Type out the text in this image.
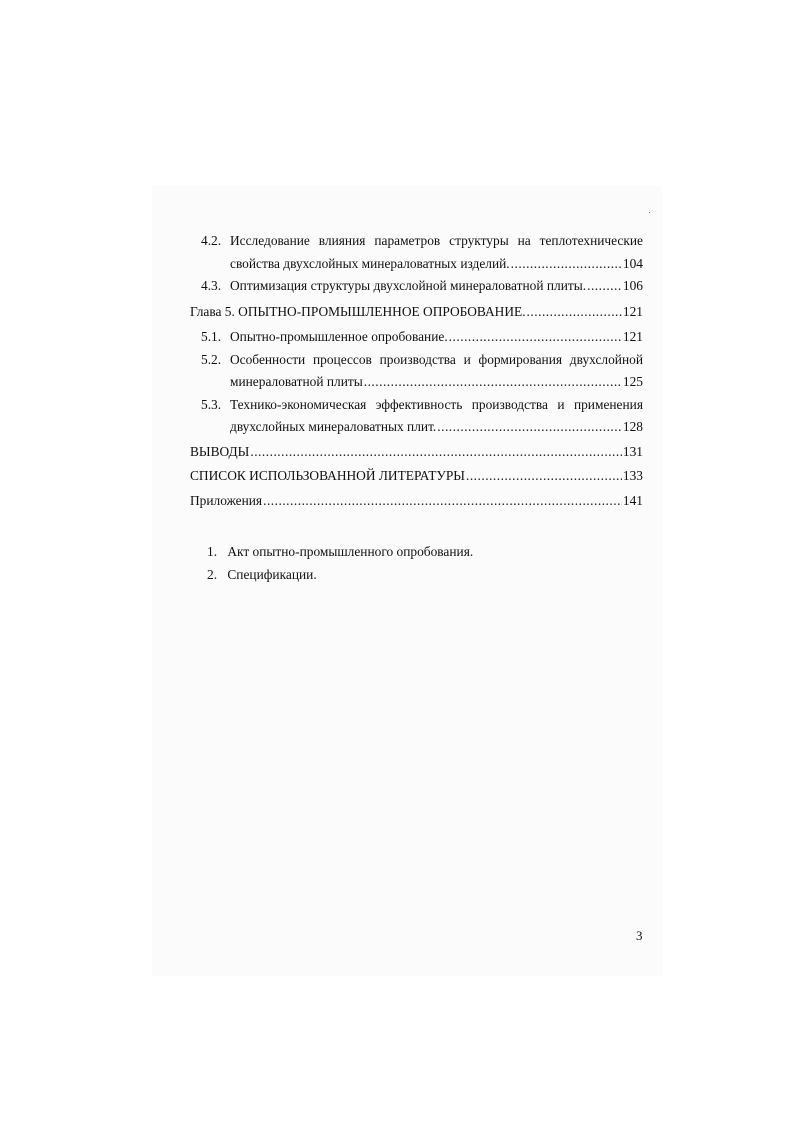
4.2. Исследование влияния параметров структуры на теплотехнические
свойства двухслойных минераловатных изделий. .....	104
4.3. Оптимизация структуры двухслойной минераловатной плиты. .....	106
Глава 5. ОПЫТНО-ПРОМЫШЛЕННОЕ ОПРОБОВАНИЕ. .....	121
5.1. Опытно-промышленное опробование. .....	121
5.2. Особенности процессов производства и формирования двухслойной
минераловатной плиты .....	125
5.3. Технико-экономическая эффективность производства и применения
двухслойных минераловатных плит. .....	128
ВЫВОДЫ .....	131
СПИСОК ИСПОЛЬЗОВАННОЙ ЛИТЕРАТУРЫ .....	133
Приложения .....	141
1. Акт опытно-промышленного опробования.
2. Спецификации.
3
